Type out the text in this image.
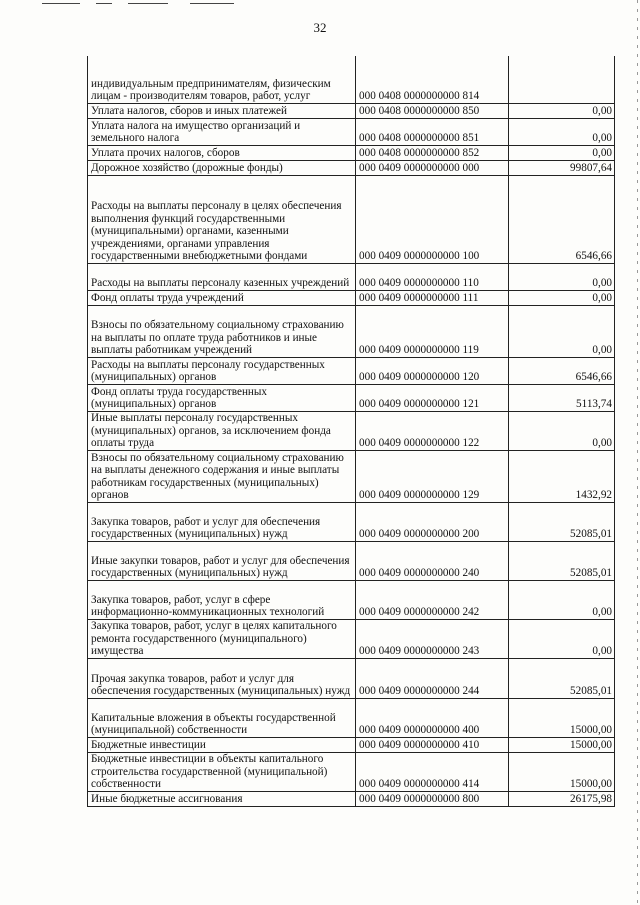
32
индивидуальным предпринимателям, физическим лицам - производителям товаров, работ, услуг	000 0408 0000000000 814	
Уплата налогов, сборов и иных платежей	000 0408 0000000000 850	0,00
Уплата налога на имущество организаций и земельного налога	000 0408 0000000000 851	0,00
Уплата прочих налогов, сборов	000 0408 0000000000 852	0,00
Дорожное хозяйство (дорожные фонды)	000 0409 0000000000 000	99807,64
Расходы на выплаты персоналу в целях обеспечения выполнения функций государственными (муниципальными) органами, казенными учреждениями, органами управления государственными внебюджетными фондами	000 0409 0000000000 100	6546,66
Расходы на выплаты персоналу казенных учреждений	000 0409 0000000000 110	0,00
Фонд оплаты труда учреждений	000 0409 0000000000 111	0,00
Взносы по обязательному социальному страхованию на выплаты по оплате труда работников и иные выплаты работникам учреждений	000 0409 0000000000 119	0,00
Расходы на выплаты персоналу государственных (муниципальных) органов	000 0409 0000000000 120	6546,66
Фонд оплаты труда государственных (муниципальных) органов	000 0409 0000000000 121	5113,74
Иные выплаты персоналу государственных (муниципальных) органов, за исключением фонда оплаты труда	000 0409 0000000000 122	0,00
Взносы по обязательному социальному страхованию на выплаты денежного содержания и иные выплаты работникам государственных (муниципальных) органов	000 0409 0000000000 129	1432,92
Закупка товаров, работ и услуг для обеспечения государственных (муниципальных) нужд	000 0409 0000000000 200	52085,01
Иные закупки товаров, работ и услуг для обеспечения государственных (муниципальных) нужд	000 0409 0000000000 240	52085,01
Закупка товаров, работ, услуг в сфере информационно-коммуникационных технологий	000 0409 0000000000 242	0,00
Закупка товаров, работ, услуг в целях капитального ремонта государственного (муниципального) имущества	000 0409 0000000000 243	0,00
Прочая закупка товаров, работ и услуг для обеспечения государственных (муниципальных) нужд	000 0409 0000000000 244	52085,01
Капитальные вложения в объекты государственной (муниципальной) собственности	000 0409 0000000000 400	15000,00
Бюджетные инвестиции	000 0409 0000000000 410	15000,00
Бюджетные инвестиции в объекты капитального строительства государственной (муниципальной) собственности	000 0409 0000000000 414	15000,00
Иные бюджетные ассигнования	000 0409 0000000000 800	26175,98
